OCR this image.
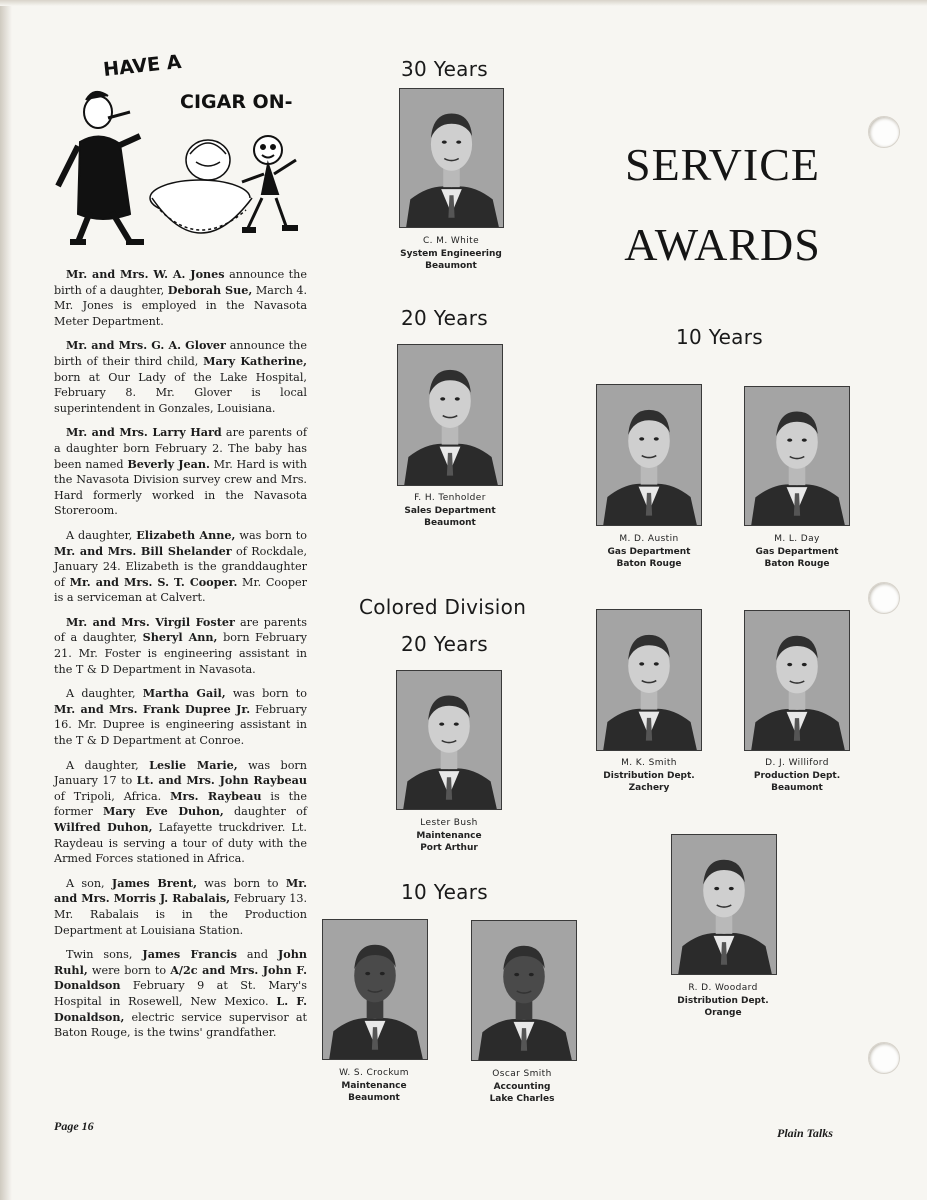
HAVE A
CIGAR ON-

Mr. and Mrs. W. A. Jones announce the birth of a daughter, Deborah Sue, March 4. Mr. Jones is employed in the Navasota Meter Department.

Mr. and Mrs. G. A. Glover announce the birth of their third child, Mary Katherine, born at Our Lady of the Lake Hospital, February 8. Mr. Glover is local superintendent in Gonzales, Louisiana.

Mr. and Mrs. Larry Hard are parents of a daughter born February 2. The baby has been named Beverly Jean. Mr. Hard is with the Navasota Division survey crew and Mrs. Hard formerly worked in the Navasota Storeroom.

A daughter, Elizabeth Anne, was born to Mr. and Mrs. Bill Shelander of Rockdale, January 24. Elizabeth is the granddaughter of Mr. and Mrs. S. T. Cooper. Mr. Cooper is a serviceman at Calvert.

Mr. and Mrs. Virgil Foster are parents of a daughter, Sheryl Ann, born February 21. Mr. Foster is engineering assistant in the T & D Department in Navasota.

A daughter, Martha Gail, was born to Mr. and Mrs. Frank Dupree Jr. February 16. Mr. Dupree is engineering assistant in the T & D Department at Conroe.

A daughter, Leslie Marie, was born January 17 to Lt. and Mrs. John Raybeau of Tripoli, Africa. Mrs. Raybeau is the former Mary Eve Duhon, daughter of Wilfred Duhon, Lafayette truckdriver. Lt. Raydeau is serving a tour of duty with the Armed Forces stationed in Africa.

A son, James Brent, was born to Mr. and Mrs. Morris J. Rabalais, February 13. Mr. Rabalais is in the Production Department at Louisiana Station.

Twin sons, James Francis and John Ruhl, were born to A/2c and Mrs. John F. Donaldson February 9 at St. Mary's Hospital in Rosewell, New Mexico. L. F. Donaldson, electric service supervisor at Baton Rouge, is the twins' grandfather.

30 Years
20 Years
Colored Division
20 Years
10 Years
SERVICE
AWARDS
10 Years
C. M. White
System Engineering
Beaumont
F. H. Tenholder
Sales Department
Beaumont
Lester Bush
Maintenance
Port Arthur
W. S. Crockum
Maintenance
Beaumont
Oscar Smith
Accounting
Lake Charles
M. D. Austin
Gas Department
Baton Rouge
M. L. Day
Gas Department
Baton Rouge
M. K. Smith
Distribution Dept.
Zachery
D. J. Williford
Production Dept.
Beaumont
R. D. Woodard
Distribution Dept.
Orange
Page 16	Plain Talks
